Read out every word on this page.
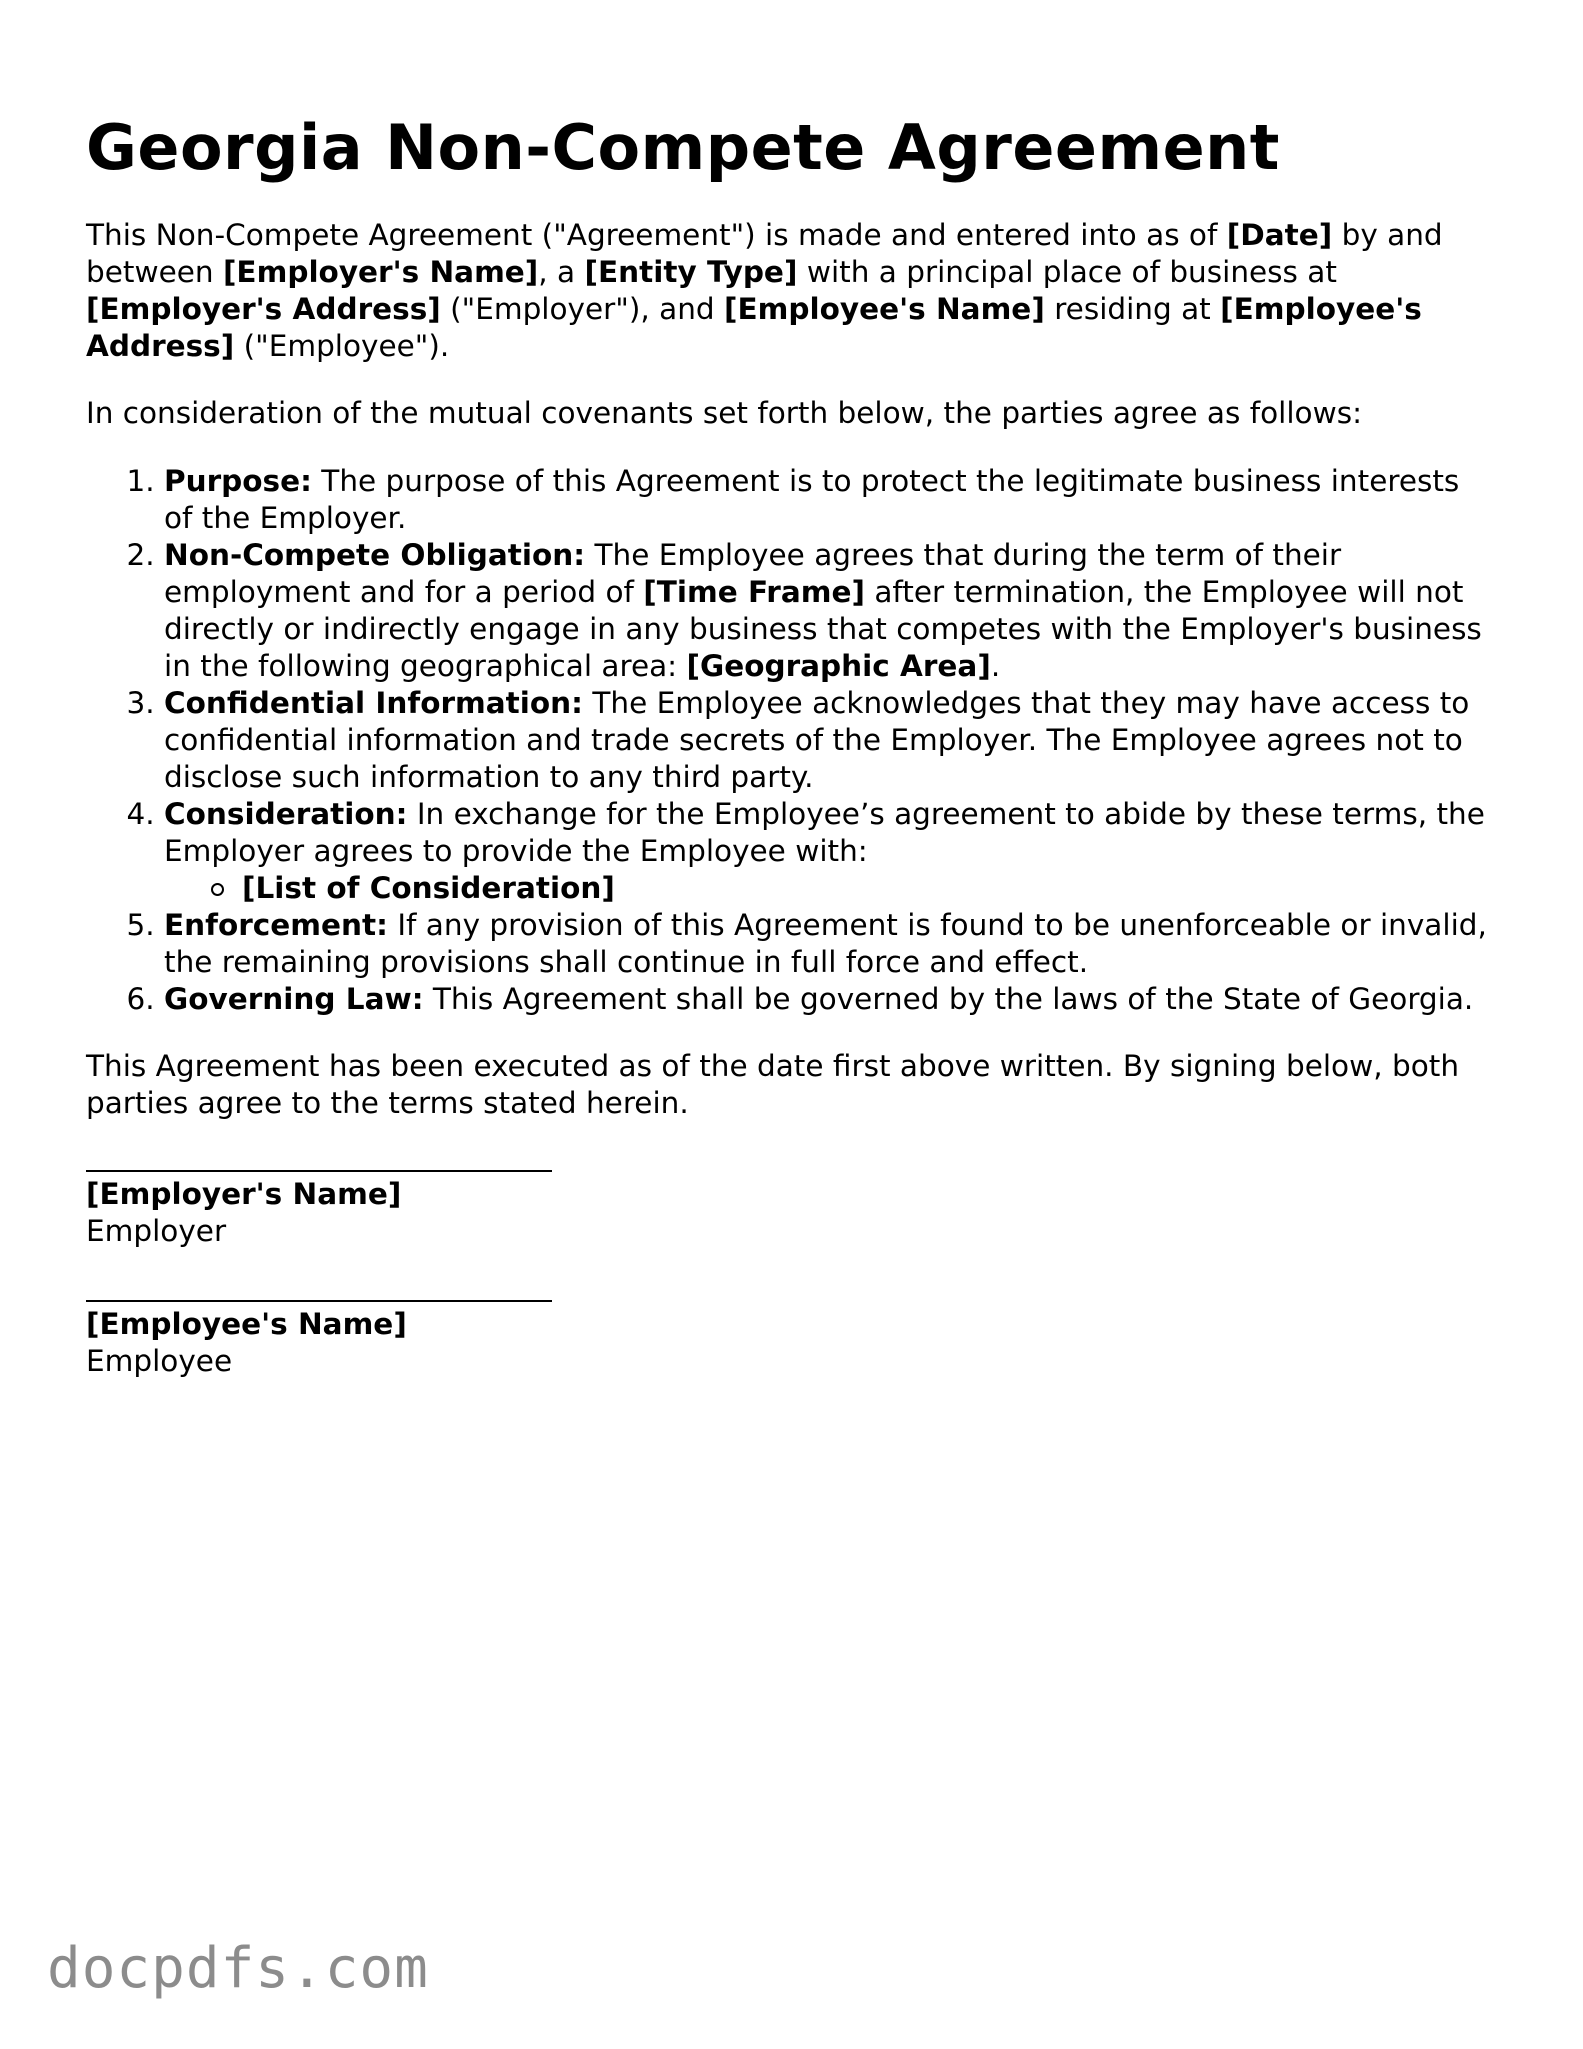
Georgia Non-Compete Agreement

This Non-Compete Agreement ("Agreement") is made and entered into as of [Date] by and between [Employer's Name], a [Entity Type] with a principal place of business at [Employer's Address] ("Employer"), and [Employee's Name] residing at [Employee's Address] ("Employee").

In consideration of the mutual covenants set forth below, the parties agree as follows:

1. Purpose: The purpose of this Agreement is to protect the legitimate business interests of the Employer.
2. Non-Compete Obligation: The Employee agrees that during the term of their employment and for a period of [Time Frame] after termination, the Employee will not directly or indirectly engage in any business that competes with the Employer's business in the following geographical area: [Geographic Area].
3. Confidential Information: The Employee acknowledges that they may have access to confidential information and trade secrets of the Employer. The Employee agrees not to disclose such information to any third party.
4. Consideration: In exchange for the Employee’s agreement to abide by these terms, the Employer agrees to provide the Employee with:
[List of Consideration]
5. Enforcement: If any provision of this Agreement is found to be unenforceable or invalid, the remaining provisions shall continue in full force and effect.
6. Governing Law: This Agreement shall be governed by the laws of the State of Georgia.

This Agreement has been executed as of the date first above written. By signing below, both parties agree to the terms stated herein.

[Employer's Name]
Employer
[Employee's Name]
Employee
docpdfs.com
